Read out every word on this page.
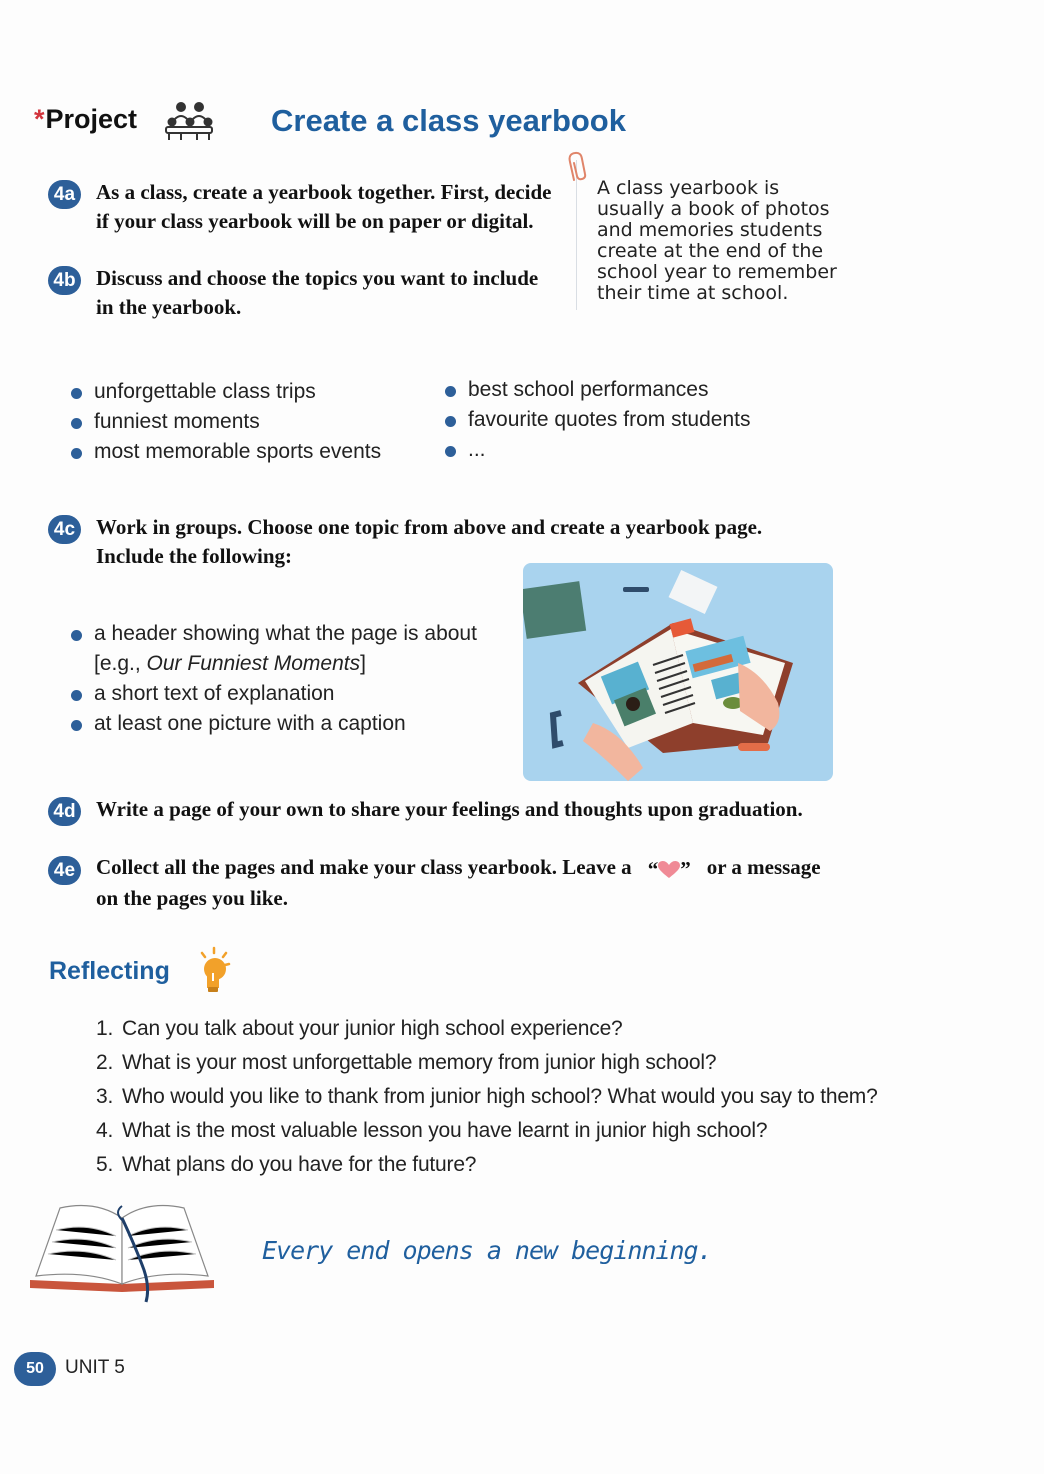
*Project	Create a class yearbook
4a As a class, create a yearbook together. First, decide
if your class yearbook will be on paper or digital.
4b Discuss and choose the topics you want to include
in the yearbook.
A class yearbook is
usually a book of photos
and memories students
create at the end of the
school year to remember
their time at school.
unforgettable class trips
funniest moments
most memorable sports events
best school performances
favourite quotes from students
...
4c Work in groups. Choose one topic from above and create a yearbook page.
Include the following:
a header showing what the page is about
[e.g., Our Funniest Moments]
a short text of explanation
at least one picture with a caption
4d Write a page of your own to share your feelings and thoughts upon graduation.
4e Collect all the pages and make your class yearbook. Leave a “ ” or a message
on the pages you like.
Reflecting
1. Can you talk about your junior high school experience?
2. What is your most unforgettable memory from junior high school?
3. Who would you like to thank from junior high school? What would you say to them?
4. What is the most valuable lesson you have learnt in junior high school?
5. What plans do you have for the future?
Every end opens a new beginning.
50	UNIT 5
